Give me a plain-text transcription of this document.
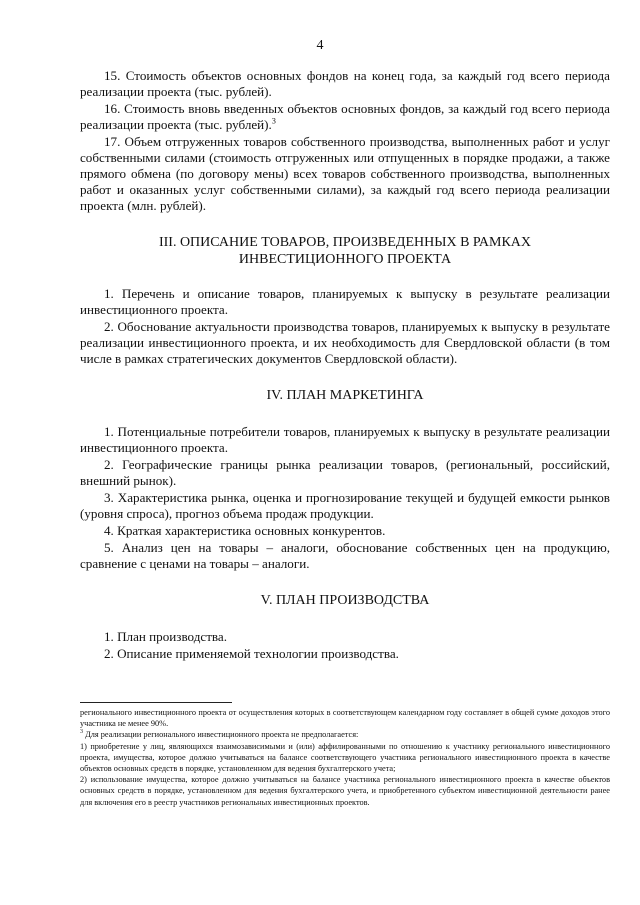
4

15. Стоимость объектов основных фондов на конец года, за каждый год всего периода реализации проекта (тыс. рублей).

16. Стоимость вновь введенных объектов основных фондов, за каждый год всего периода реализации проекта (тыс. рублей).$^3$

17. Объем отгруженных товаров собственного производства, выполненных работ и услуг собственными силами (стоимость отгруженных или отпущенных в порядке продажи, а также прямого обмена (по договору мены) всех товаров собственного производства, выполненных работ и оказанных услуг собственными силами), за каждый год всего периода реализации проекта (млн. рублей).

III. ОПИСАНИЕ ТОВАРОВ, ПРОИЗВЕДЕННЫХ В РАМКАХ
ИНВЕСТИЦИОННОГО ПРОЕКТА

1. Перечень и описание товаров, планируемых к выпуску в результате реализации инвестиционного проекта.

2. Обоснование актуальности производства товаров, планируемых к выпуску в результате реализации инвестиционного проекта, и их необходимость для Свердловской области (в том числе в рамках стратегических документов Свердловской области).

IV. ПЛАН МАРКЕТИНГА

1. Потенциальные потребители товаров, планируемых к выпуску в результате реализации инвестиционного проекта.

2. Географические границы рынка реализации товаров, (региональный, российский, внешний рынок).

3. Характеристика рынка, оценка и прогнозирование текущей и будущей емкости рынков (уровня спроса), прогноз объема продаж продукции.

4. Краткая характеристика основных конкурентов.

5. Анализ цен на товары – аналоги, обоснование собственных цен на продукцию, сравнение с ценами на товары – аналоги.

V. ПЛАН ПРОИЗВОДСТВА

1. План производства.

2. Описание применяемой технологии производства.

регионального инвестиционного проекта от осуществления которых в соответствующем календарном году составляет в общей сумме доходов этого участника не менее 90%.

$^3$ Для реализации регионального инвестиционного проекта не предполагается:

1) приобретение у лиц, являющихся взаимозависимыми и (или) аффилированными по отношению к участнику регионального инвестиционного проекта, имущества, которое должно учитываться на балансе соответствующего участника регионального инвестиционного проекта в качестве объектов основных средств в порядке, установленном для ведения бухгалтерского учета;

2) использование имущества, которое должно учитываться на балансе участника регионального инвестиционного проекта в качестве объектов основных средств в порядке, установленном для ведения бухгалтерского учета, и приобретенного субъектом инвестиционной деятельности ранее для включения его в реестр участников региональных инвестиционных проектов.
